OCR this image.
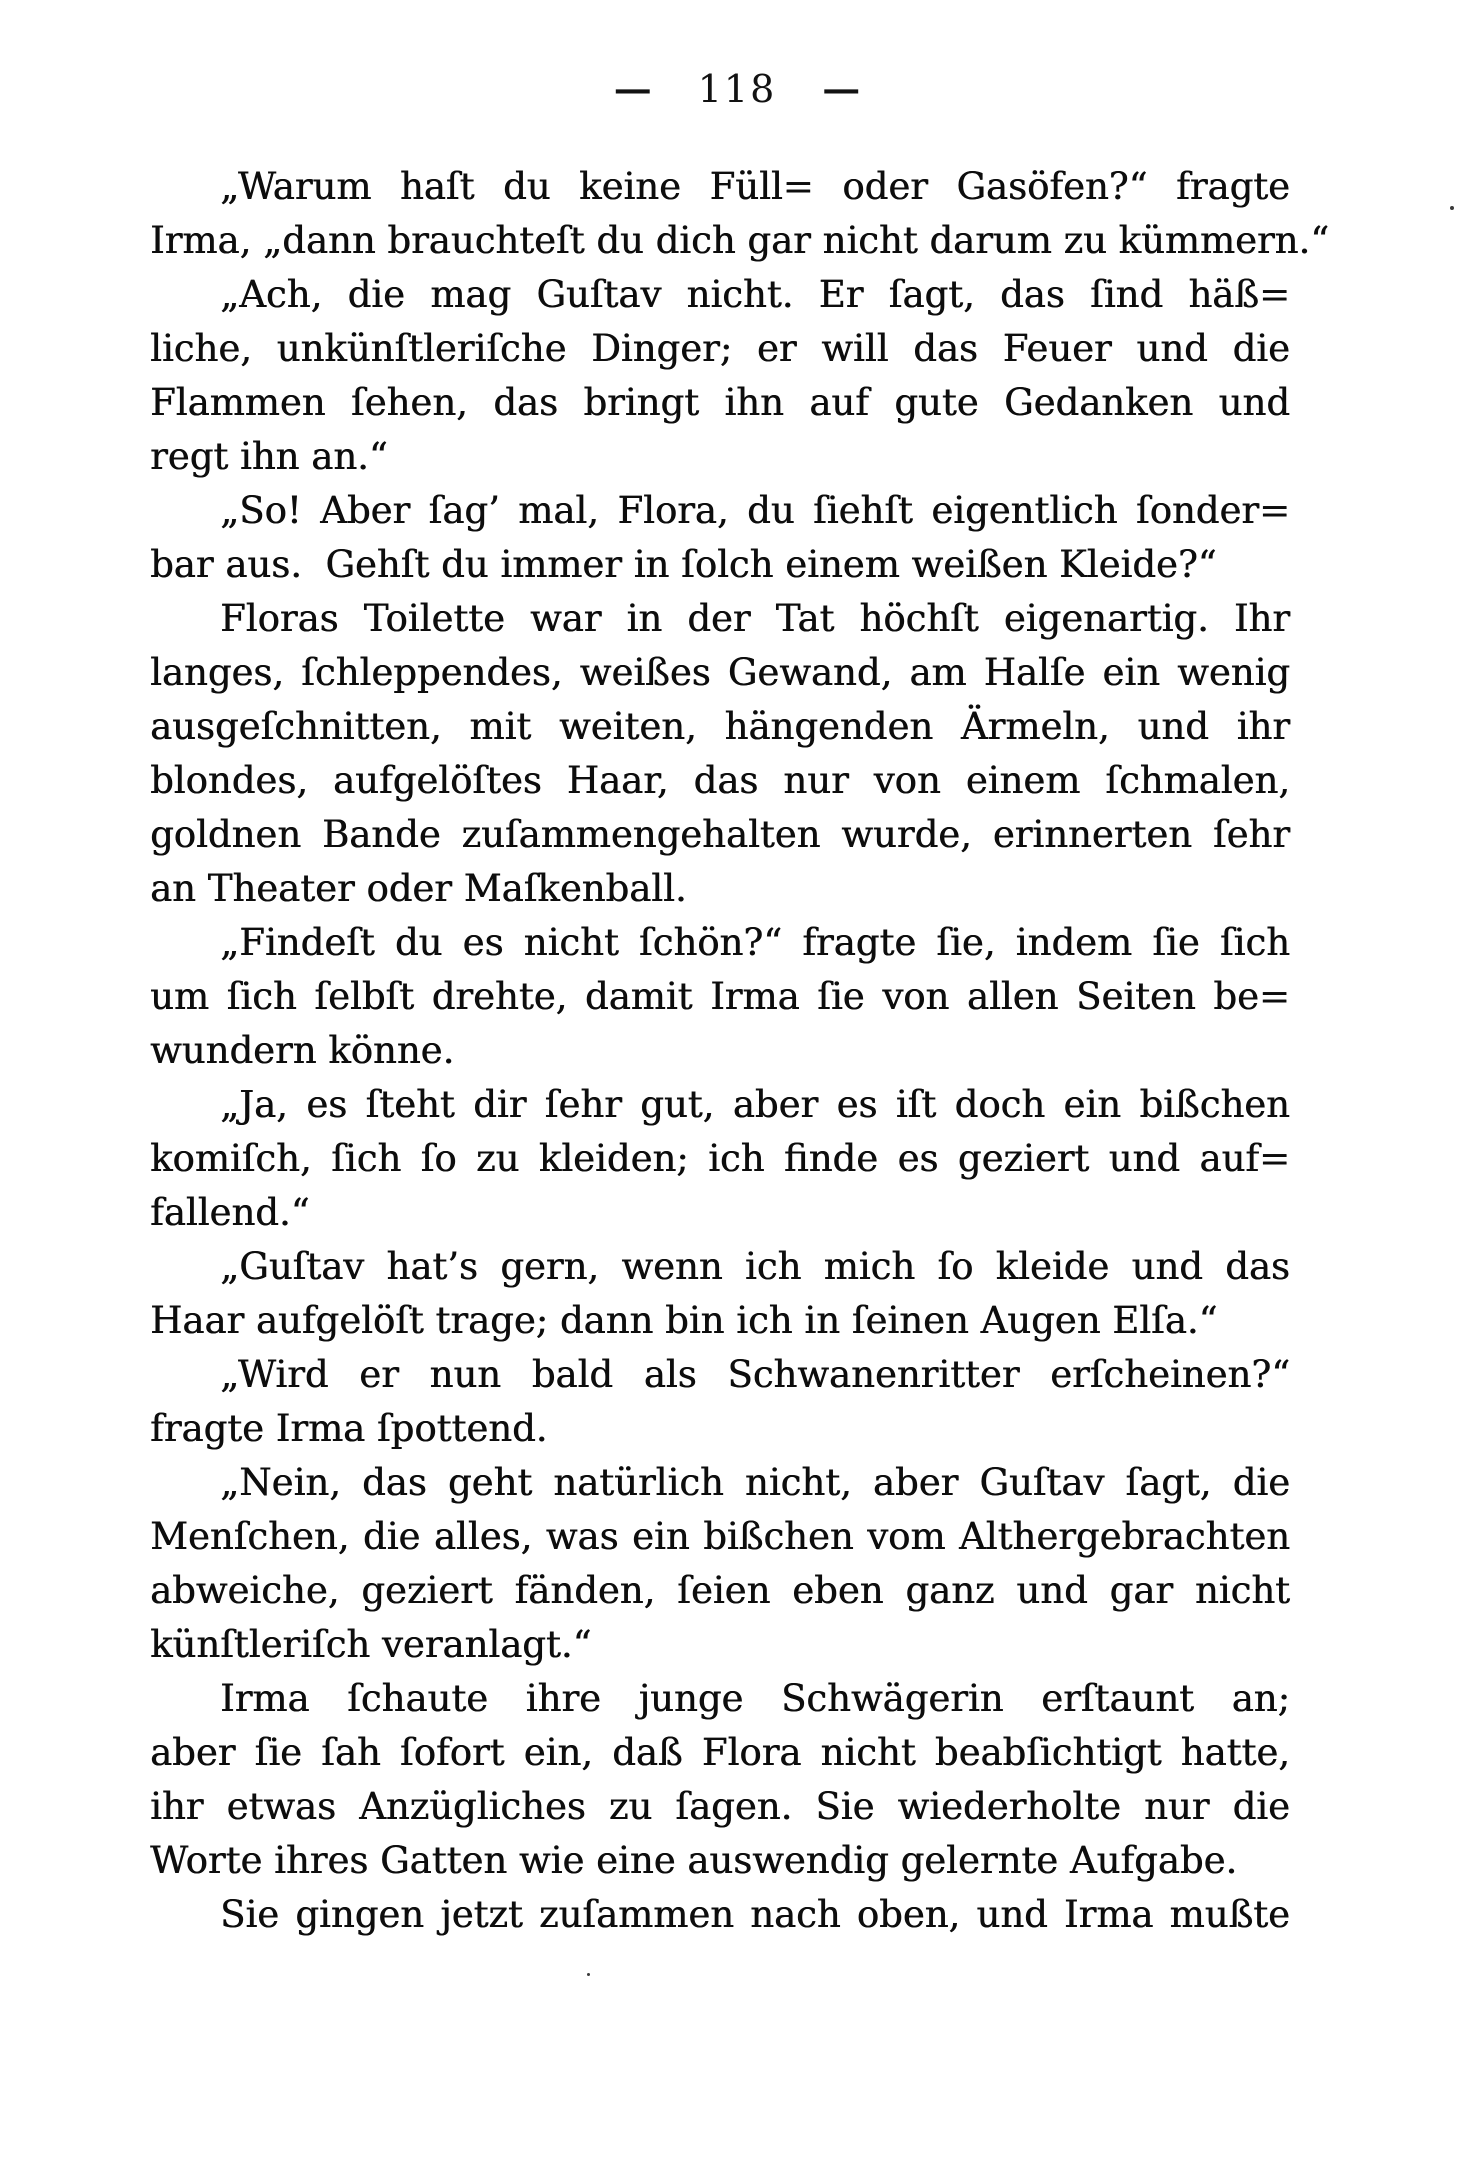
— 118 —
„Warum haſt du keine Füll= oder Gasöfen?“ fragte
Irma, „dann brauchteſt du dich gar nicht darum zu kümmern.“
„Ach, die mag Guſtav nicht. Er ſagt, das ſind häß=
liche, unkünſtleriſche Dinger; er will das Feuer und die
Flammen ſehen, das bringt ihn auf gute Gedanken und
regt ihn an.“
„So! Aber ſag’ mal, Flora, du ſiehſt eigentlich ſonder=
bar aus.  Gehſt du immer in ſolch einem weißen Kleide?“
Floras Toilette war in der Tat höchſt eigenartig. Ihr
langes, ſchleppendes, weißes Gewand, am Halſe ein wenig
ausgeſchnitten, mit weiten, hängenden Ärmeln, und ihr
blondes, aufgelöſtes Haar, das nur von einem ſchmalen,
goldnen Bande zuſammengehalten wurde, erinnerten ſehr
an Theater oder Maſkenball.
„Findeſt du es nicht ſchön?“ fragte ſie, indem ſie ſich
um ſich ſelbſt drehte, damit Irma ſie von allen Seiten be=
wundern könne.
„Ja, es ſteht dir ſehr gut, aber es iſt doch ein bißchen
komiſch, ſich ſo zu kleiden; ich finde es geziert und auf=
fallend.“
„Guſtav hat’s gern, wenn ich mich ſo kleide und das
Haar aufgelöſt trage; dann bin ich in ſeinen Augen Elſa.“
„Wird er nun bald als Schwanenritter erſcheinen?“
fragte Irma ſpottend.
„Nein, das geht natürlich nicht, aber Guſtav ſagt, die
Menſchen, die alles, was ein bißchen vom Althergebrachten
abweiche, geziert fänden, ſeien eben ganz und gar nicht
künſtleriſch veranlagt.“
Irma ſchaute ihre junge Schwägerin erſtaunt an;
aber ſie ſah ſofort ein, daß Flora nicht beabſichtigt hatte,
ihr etwas Anzügliches zu ſagen. Sie wiederholte nur die
Worte ihres Gatten wie eine auswendig gelernte Aufgabe.
Sie gingen jetzt zuſammen nach oben, und Irma mußte
